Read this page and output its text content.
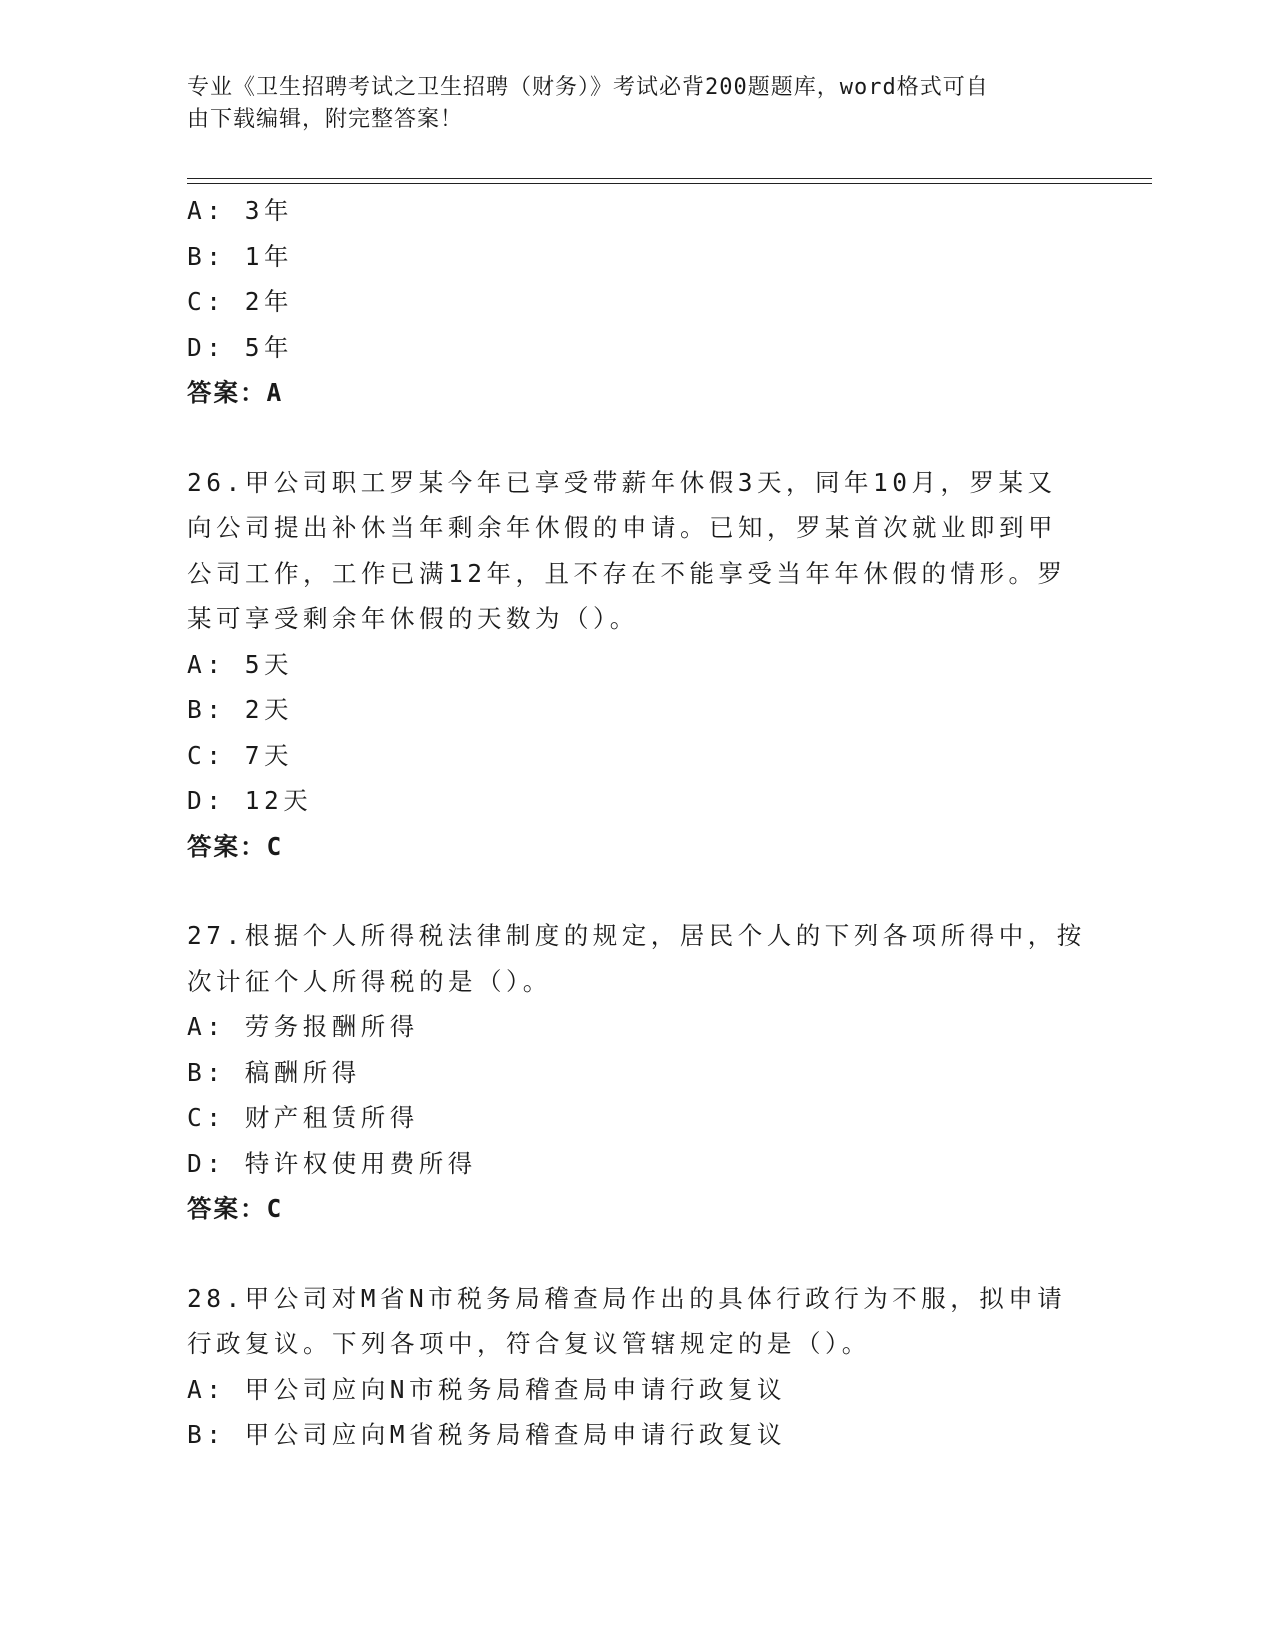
专业《卫生招聘考试之卫生招聘（财务）》考试必背200题题库，word格式可自
由下载编辑，附完整答案！
A: 3年
B: 1年
C: 2年
D: 5年
答案：A
26.甲公司职工罗某今年已享受带薪年休假3天，同年10月，罗某又
向公司提出补休当年剩余年休假的申请。已知，罗某首次就业即到甲
公司工作，工作已满12年，且不存在不能享受当年年休假的情形。罗
某可享受剩余年休假的天数为（）。
A: 5天
B: 2天
C: 7天
D: 12天
答案：C
27.根据个人所得税法律制度的规定，居民个人的下列各项所得中，按
次计征个人所得税的是（）。
A: 劳务报酬所得
B: 稿酬所得
C: 财产租赁所得
D: 特许权使用费所得
答案：C
28.甲公司对M省N市税务局稽查局作出的具体行政行为不服，拟申请
行政复议。下列各项中，符合复议管辖规定的是（）。
A: 甲公司应向N市税务局稽查局申请行政复议
B: 甲公司应向M省税务局稽查局申请行政复议
